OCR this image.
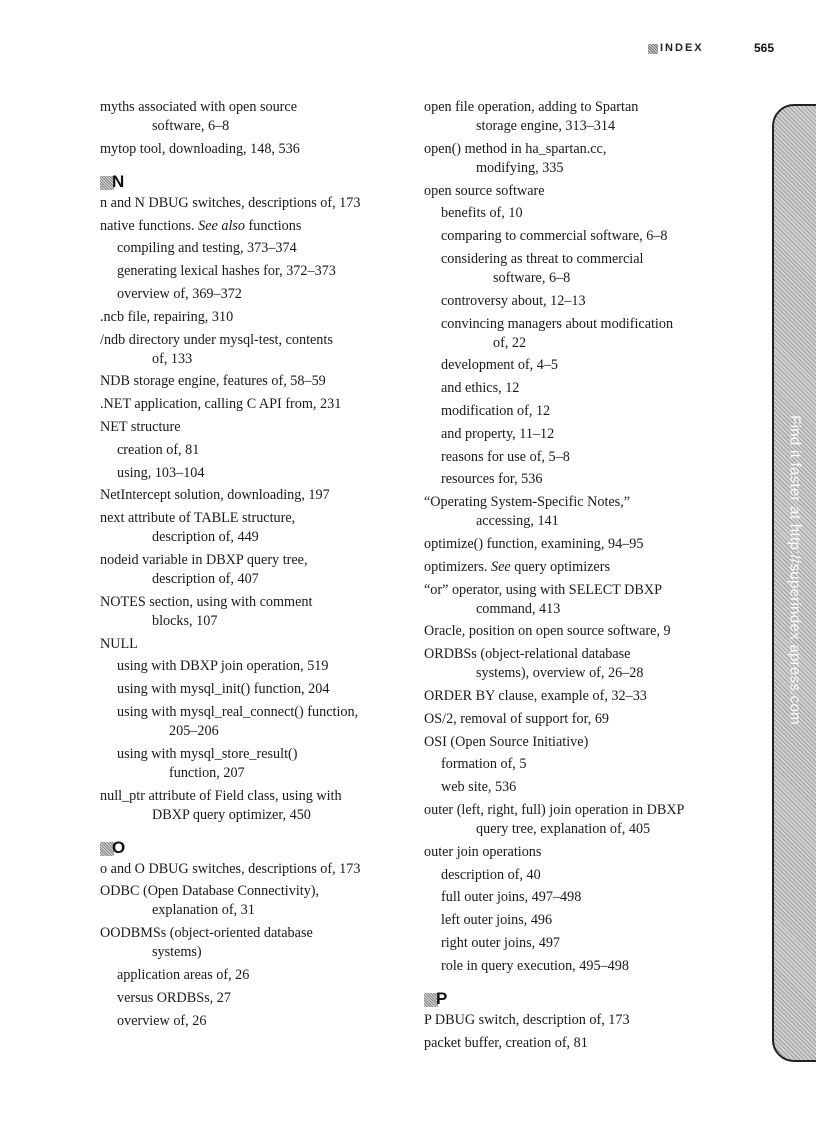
INDEX	565
myths associated with open source
software, 6–8
mytop tool, downloading, 148, 536
N
n and N DBUG switches, descriptions of, 173
native functions. See also functions
compiling and testing, 373–374
generating lexical hashes for, 372–373
overview of, 369–372
.ncb file, repairing, 310
/ndb directory under mysql-test, contents
of, 133
NDB storage engine, features of, 58–59
.NET application, calling C API from, 231
NET structure
creation of, 81
using, 103–104
NetIntercept solution, downloading, 197
next attribute of TABLE structure,
description of, 449
nodeid variable in DBXP query tree,
description of, 407
NOTES section, using with comment
blocks, 107
NULL
using with DBXP join operation, 519
using with mysql_init() function, 204
using with mysql_real_connect() function,
205–206
using with mysql_store_result()
function, 207
null_ptr attribute of Field class, using with
DBXP query optimizer, 450
O
o and O DBUG switches, descriptions of, 173
ODBC (Open Database Connectivity),
explanation of, 31
OODBMSs (object-oriented database
systems)
application areas of, 26
versus ORDBSs, 27
overview of, 26
open file operation, adding to Spartan
storage engine, 313–314
open() method in ha_spartan.cc,
modifying, 335
open source software
benefits of, 10
comparing to commercial software, 6–8
considering as threat to commercial
software, 6–8
controversy about, 12–13
convincing managers about modification
of, 22
development of, 4–5
and ethics, 12
modification of, 12
and property, 11–12
reasons for use of, 5–8
resources for, 536
“Operating System-Specific Notes,”
accessing, 141
optimize() function, examining, 94–95
optimizers. See query optimizers
“or” operator, using with SELECT DBXP
command, 413
Oracle, position on open source software, 9
ORDBSs (object-relational database
systems), overview of, 26–28
ORDER BY clause, example of, 32–33
OS/2, removal of support for, 69
OSI (Open Source Initiative)
formation of, 5
web site, 536
outer (left, right, full) join operation in DBXP
query tree, explanation of, 405
outer join operations
description of, 40
full outer joins, 497–498
left outer joins, 496
right outer joins, 497
role in query execution, 495–498
P
P DBUG switch, description of, 173
packet buffer, creation of, 81
Find it faster at http://superindex.apress.com
